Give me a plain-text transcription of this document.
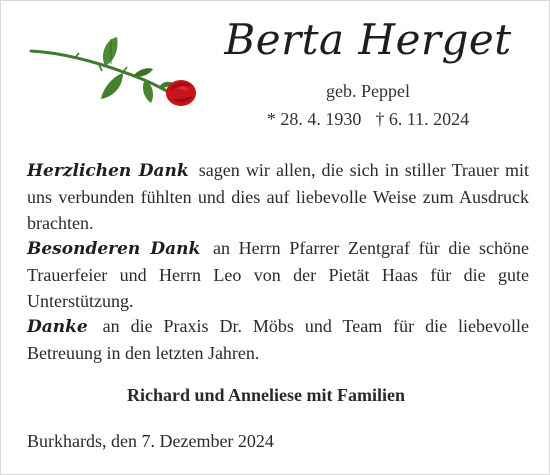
Berta Herget
geb. Peppel
* 28. 4. 1930 † 6. 11. 2024
Herzlichen Dank sagen wir allen, die sich in stiller Trauer mit uns verbunden fühlten und dies auf liebevolle Weise zum Ausdruck brachten.
Besonderen Dank an Herrn Pfarrer Zentgraf für die schöne Trauerfeier und Herrn Leo von der Pietät Haas für die gute Unterstützung.
Danke an die Praxis Dr. Möbs und Team für die liebevolle Betreuung in den letzten Jahren.
Richard und Anneliese mit Familien
Burkhards, den 7. Dezember 2024
